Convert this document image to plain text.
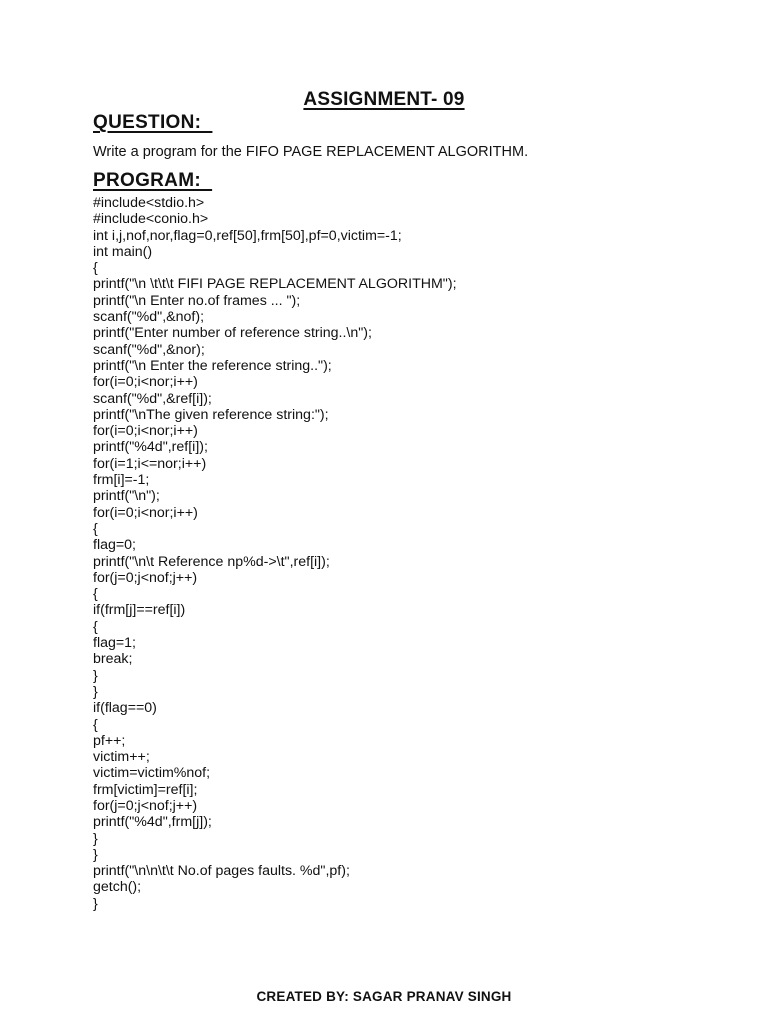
ASSIGNMENT- 09
QUESTION:
Write a program for the FIFO PAGE REPLACEMENT ALGORITHM.
PROGRAM:
#include<stdio.h>
#include<conio.h>
int i,j,nof,nor,flag=0,ref[50],frm[50],pf=0,victim=-1;
int main()
{
printf("\n \t\t\t FIFI PAGE REPLACEMENT ALGORITHM");
printf("\n Enter no.of frames ... ");
scanf("%d",&nof);
printf("Enter number of reference string..\n");
scanf("%d",&nor);
printf("\n Enter the reference string..");
for(i=0;i<nor;i++)
scanf("%d",&ref[i]);
printf("\nThe given reference string:");
for(i=0;i<nor;i++)
printf("%4d",ref[i]);
for(i=1;i<=nor;i++)
frm[i]=-1;
printf("\n");
for(i=0;i<nor;i++)
{
flag=0;
printf("\n\t Reference np%d->\t",ref[i]);
for(j=0;j<nof;j++)
{
if(frm[j]==ref[i])
{
flag=1;
break;
}
}
if(flag==0)
{
pf++;
victim++;
victim=victim%nof;
frm[victim]=ref[i];
for(j=0;j<nof;j++)
printf("%4d",frm[j]);
}
}
printf("\n\n\t\t No.of pages faults. %d",pf);
getch();
}
CREATED BY: SAGAR PRANAV SINGH
